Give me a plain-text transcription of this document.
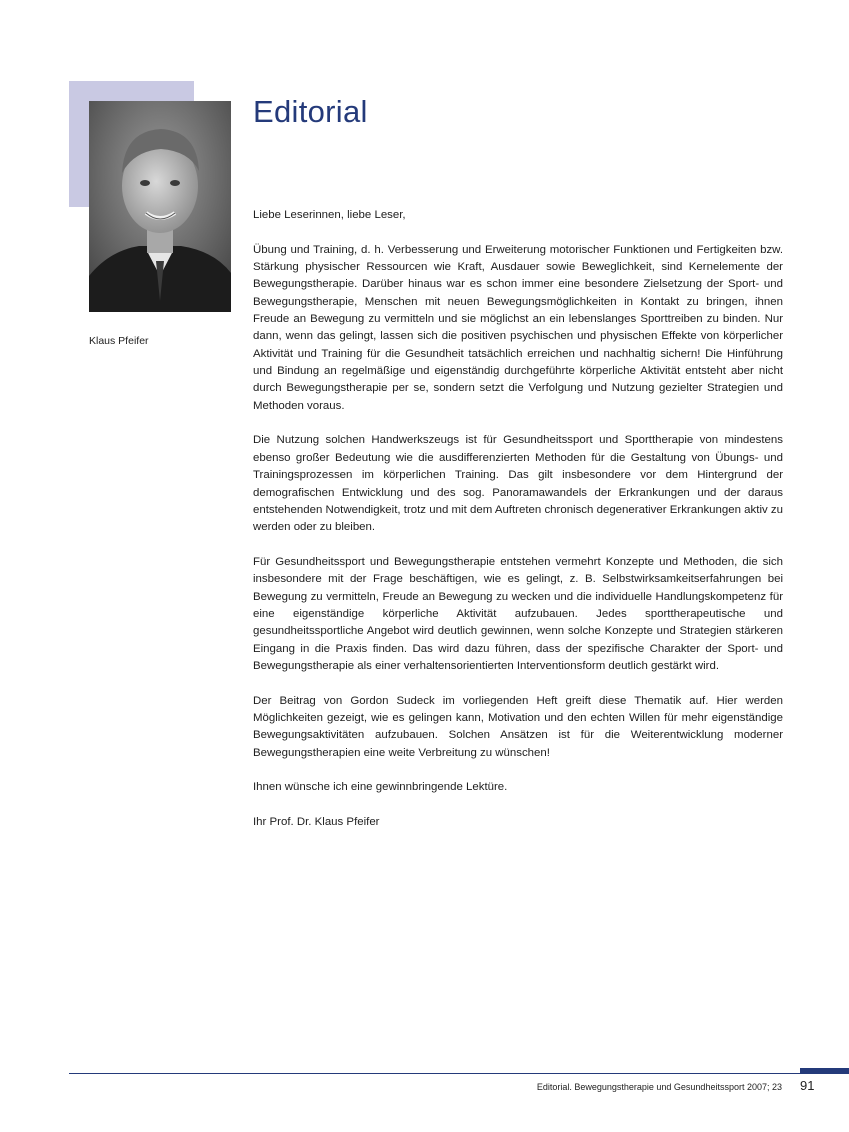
Klaus Pfeifer
Editorial

Liebe Leserinnen, liebe Leser,

Übung und Training, d. h. Verbesserung und Erweiterung motorischer Funktionen und Fertigkeiten bzw. Stärkung physischer Ressourcen wie Kraft, Ausdauer sowie Beweglichkeit, sind Kernelemente der Bewegungstherapie. Darüber hinaus war es schon immer eine besondere Zielsetzung der Sport- und Bewegungstherapie, Menschen mit neuen Bewegungsmöglichkeiten in Kontakt zu bringen, ihnen Freude an Bewegung zu vermitteln und sie möglichst an ein lebenslanges Sporttreiben zu binden. Nur dann, wenn das gelingt, lassen sich die positiven psychischen und physischen Effekte von körperlicher Aktivität und Training für die Gesundheit tatsächlich erreichen und nachhaltig sichern! Die Hinführung und Bindung an regelmäßige und eigenständig durchgeführte körperliche Aktivität entsteht aber nicht durch Bewegungstherapie per se, sondern setzt die Verfolgung und Nutzung gezielter Strategien und Methoden voraus.

Die Nutzung solchen Handwerkszeugs ist für Gesundheitssport und Sporttherapie von mindestens ebenso großer Bedeutung wie die ausdifferenzierten Methoden für die Gestaltung von Übungs- und Trainingsprozessen im körperlichen Training. Das gilt insbesondere vor dem Hintergrund der demografischen Entwicklung und des sog. Panoramawandels der Erkrankungen und der daraus entstehenden Notwendigkeit, trotz und mit dem Auftreten chronisch degenerativer Erkrankungen aktiv zu werden oder zu bleiben.

Für Gesundheitssport und Bewegungstherapie entstehen vermehrt Konzepte und Methoden, die sich insbesondere mit der Frage beschäftigen, wie es gelingt, z. B. Selbstwirksamkeitserfahrungen bei Bewegung zu vermitteln, Freude an Bewegung zu wecken und die individuelle Handlungskompetenz für eine eigenständige körperliche Aktivität aufzubauen. Jedes sporttherapeutische und gesundheitssportliche Angebot wird deutlich gewinnen, wenn solche Konzepte und Strategien stärkeren Eingang in die Praxis finden. Das wird dazu führen, dass der spezifische Charakter der Sport- und Bewegungstherapie als einer verhaltensorientierten Interventionsform deutlich gestärkt wird.

Der Beitrag von Gordon Sudeck im vorliegenden Heft greift diese Thematik auf. Hier werden Möglichkeiten gezeigt, wie es gelingen kann, Motivation und den echten Willen für mehr eigenständige Bewegungsaktivitäten aufzubauen. Solchen Ansätzen ist für die Weiterentwicklung moderner Bewegungstherapien eine weite Verbreitung zu wünschen!

Ihnen wünsche ich eine gewinnbringende Lektüre.

Ihr Prof. Dr. Klaus Pfeifer

Editorial. Bewegungstherapie und Gesundheitssport 2007; 23 91
